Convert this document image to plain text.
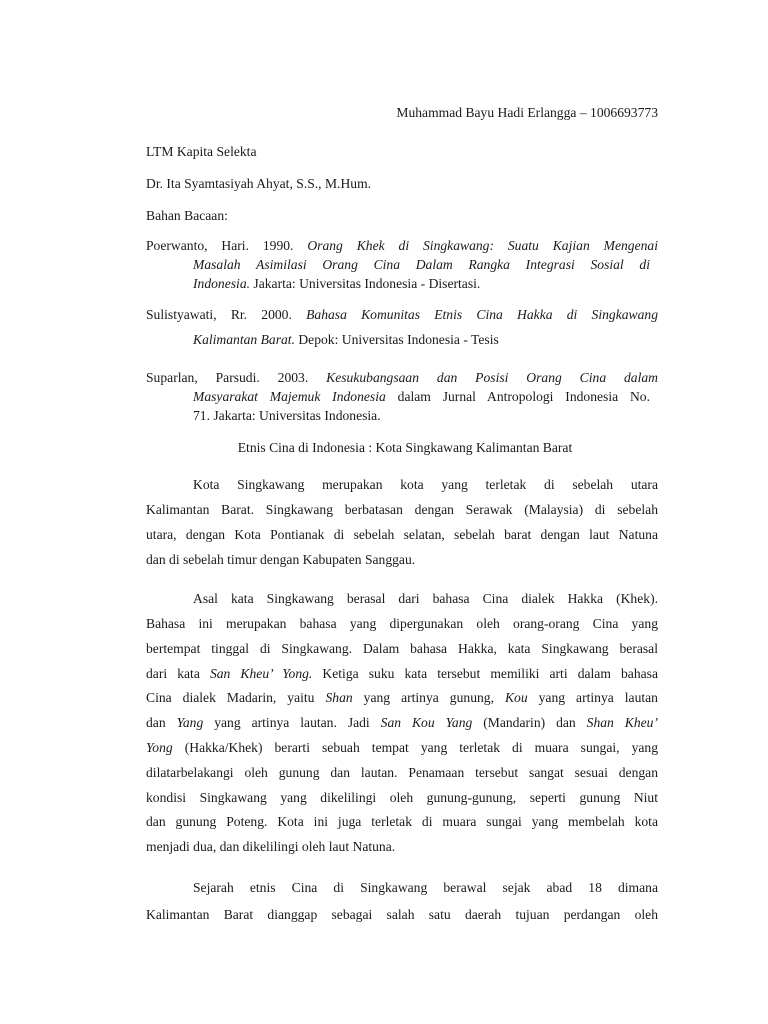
Muhammad Bayu Hadi Erlangga – 1006693773

LTM Kapita Selekta

Dr. Ita Syamtasiyah Ahyat, S.S., M.Hum.

Bahan Bacaan:

Poerwanto, Hari. 1990. Orang Khek di Singkawang: Suatu Kajian Mengenai

Masalah Asimilasi Orang Cina Dalam Rangka Integrasi Sosial di

Indonesia. Jakarta: Universitas Indonesia - Disertasi.

Sulistyawati, Rr. 2000. Bahasa Komunitas Etnis Cina Hakka di Singkawang

Kalimantan Barat. Depok: Universitas Indonesia - Tesis

Suparlan, Parsudi. 2003. Kesukubangsaan dan Posisi Orang Cina dalam

Masyarakat Majemuk Indonesia dalam Jurnal Antropologi Indonesia No.

71. Jakarta: Universitas Indonesia.

Etnis Cina di Indonesia : Kota Singkawang Kalimantan Barat

Kota Singkawang merupakan kota yang terletak di sebelah utara

Kalimantan Barat. Singkawang berbatasan dengan Serawak (Malaysia) di sebelah

utara, dengan Kota Pontianak di sebelah selatan, sebelah barat dengan laut Natuna

dan di sebelah timur dengan Kabupaten Sanggau.

Asal kata Singkawang berasal dari bahasa Cina dialek Hakka (Khek).

Bahasa ini merupakan bahasa yang dipergunakan oleh orang-orang Cina yang

bertempat tinggal di Singkawang. Dalam bahasa Hakka, kata Singkawang berasal

dari kata San Kheu’ Yong. Ketiga suku kata tersebut memiliki arti dalam bahasa

Cina dialek Madarin, yaitu Shan yang artinya gunung, Kou yang artinya lautan

dan Yang yang artinya lautan. Jadi San Kou Yang (Mandarin) dan Shan Kheu’

Yong (Hakka/Khek) berarti sebuah tempat yang terletak di muara sungai, yang

dilatarbelakangi oleh gunung dan lautan. Penamaan tersebut sangat sesuai dengan

kondisi Singkawang yang dikelilingi oleh gunung-gunung, seperti gunung Niut

dan gunung Poteng. Kota ini juga terletak di muara sungai yang membelah kota

menjadi dua, dan dikelilingi oleh laut Natuna.

Sejarah etnis Cina di Singkawang berawal sejak abad 18 dimana

Kalimantan Barat dianggap sebagai salah satu daerah tujuan perdangan oleh
